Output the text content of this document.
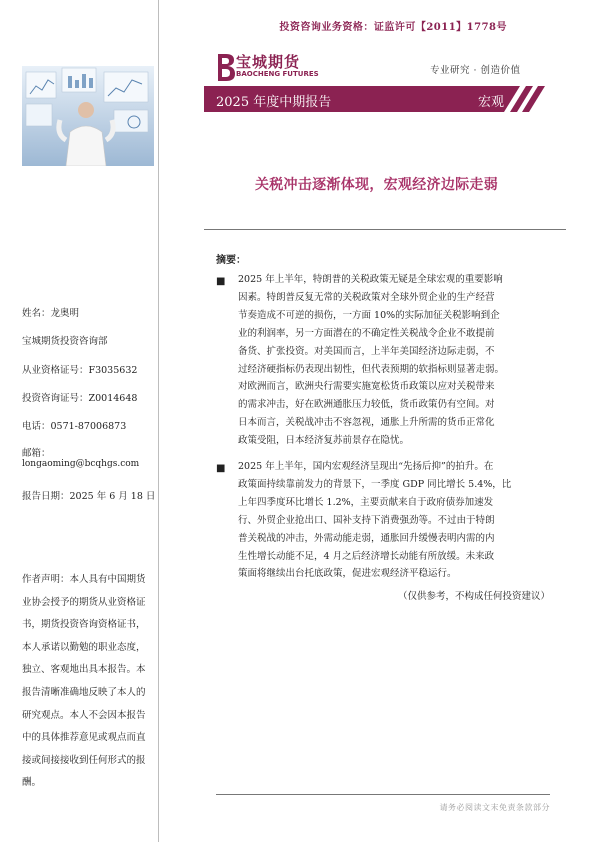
投资咨询业务资格：证监许可【2011】1778号
宝城期货
BAOCHENG FUTURES	专业研究 · 创造价值
2025 年度中期报告	宏观
关税冲击逐渐体现，宏观经济边际走弱
摘要：
■ 2025 年上半年，特朗普的关税政策无疑是全球宏观的重要影响
因素。特朗普反复无常的关税政策对全球外贸企业的生产经营
节奏造成不可逆的损伤，一方面 10%的实际加征关税影响到企
业的利润率，另一方面潜在的不确定性关税战令企业不敢提前
备货、扩张投资。对美国而言，上半年美国经济边际走弱，不
过经济硬指标仍表现出韧性，但代表预期的软指标则显著走弱。
对欧洲而言，欧洲央行需要实施宽松货币政策以应对关税带来
的需求冲击，好在欧洲通胀压力较低，货币政策仍有空间。对
日本而言，关税战冲击不容忽视，通胀上升所需的货币正常化
政策受阻，日本经济复苏前景存在隐忧。
■ 2025 年上半年，国内宏观经济呈现出“先扬后抑”的拍升。在
政策面持续靠前发力的背景下，一季度 GDP 同比增长 5.4%，比
上年四季度环比增长 1.2%，主要贡献来自于政府债券加速发
行、外贸企业抢出口、国补支持下消费强劲等。不过由于特朗
普关税战的冲击，外需动能走弱，通胀回升缓慢表明内需的内
生性增长动能不足，4 月之后经济增长动能有所放缓。未来政
策面将继续出台托底政策，促进宏观经济平稳运行。
（仅供参考，不构成任何投资建议）
姓名：龙奥明
宝城期货投资咨询部
从业资格证号：F3035632
投资咨询证号：Z0014648
电话：0571-87006873
邮箱：
longaoming@bcqhgs.com
报告日期：2025 年 6 月 18 日
作者声明：本人具有中国期货
业协会授予的期货从业资格证
书，期货投资咨询资格证书，
本人承诺以勤勉的职业态度，
独立、客观地出具本报告。本
报告清晰准确地反映了本人的
研究观点。本人不会因本报告
中的具体推荐意见或观点而直
接或间接接收到任何形式的报
酬。
请务必阅读文末免责条款部分
